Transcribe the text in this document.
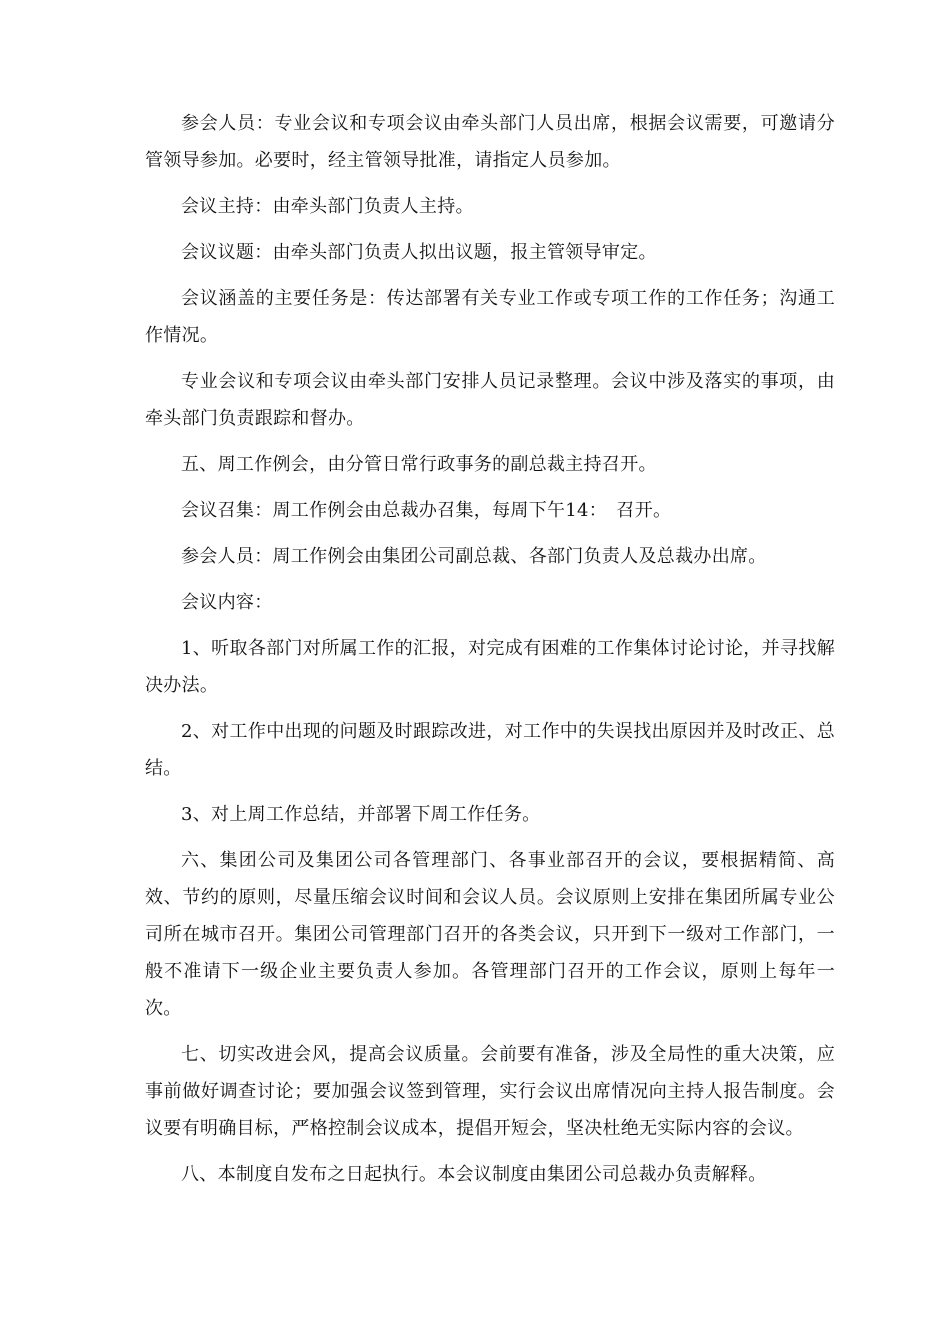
参会人员：专业会议和专项会议由牵头部门人员出席，根据会议需要，可邀请分管领导参加。必要时，经主管领导批准，请指定人员参加。

会议主持：由牵头部门负责人主持。

会议议题：由牵头部门负责人拟出议题，报主管领导审定。

会议涵盖的主要任务是：传达部署有关专业工作或专项工作的工作任务；沟通工作情况。

专业会议和专项会议由牵头部门安排人员记录整理。会议中涉及落实的事项，由牵头部门负责跟踪和督办。

五、周工作例会，由分管日常行政事务的副总裁主持召开。

会议召集：周工作例会由总裁办召集，每周下午14：　召开。

参会人员：周工作例会由集团公司副总裁、各部门负责人及总裁办出席。

会议内容：

1、听取各部门对所属工作的汇报，对完成有困难的工作集体讨论讨论，并寻找解决办法。

2、对工作中出现的问题及时跟踪改进，对工作中的失误找出原因并及时改正、总结。

3、对上周工作总结，并部署下周工作任务。

六、集团公司及集团公司各管理部门、各事业部召开的会议，要根据精简、高效、节约的原则，尽量压缩会议时间和会议人员。会议原则上安排在集团所属专业公司所在城市召开。集团公司管理部门召开的各类会议，只开到下一级对工作部门，一般不准请下一级企业主要负责人参加。各管理部门召开的工作会议，原则上每年一次。

七、切实改进会风，提高会议质量。会前要有准备，涉及全局性的重大决策，应事前做好调查讨论；要加强会议签到管理，实行会议出席情况向主持人报告制度。会议要有明确目标，严格控制会议成本，提倡开短会，坚决杜绝无实际内容的会议。

八、本制度自发布之日起执行。本会议制度由集团公司总裁办负责解释。
